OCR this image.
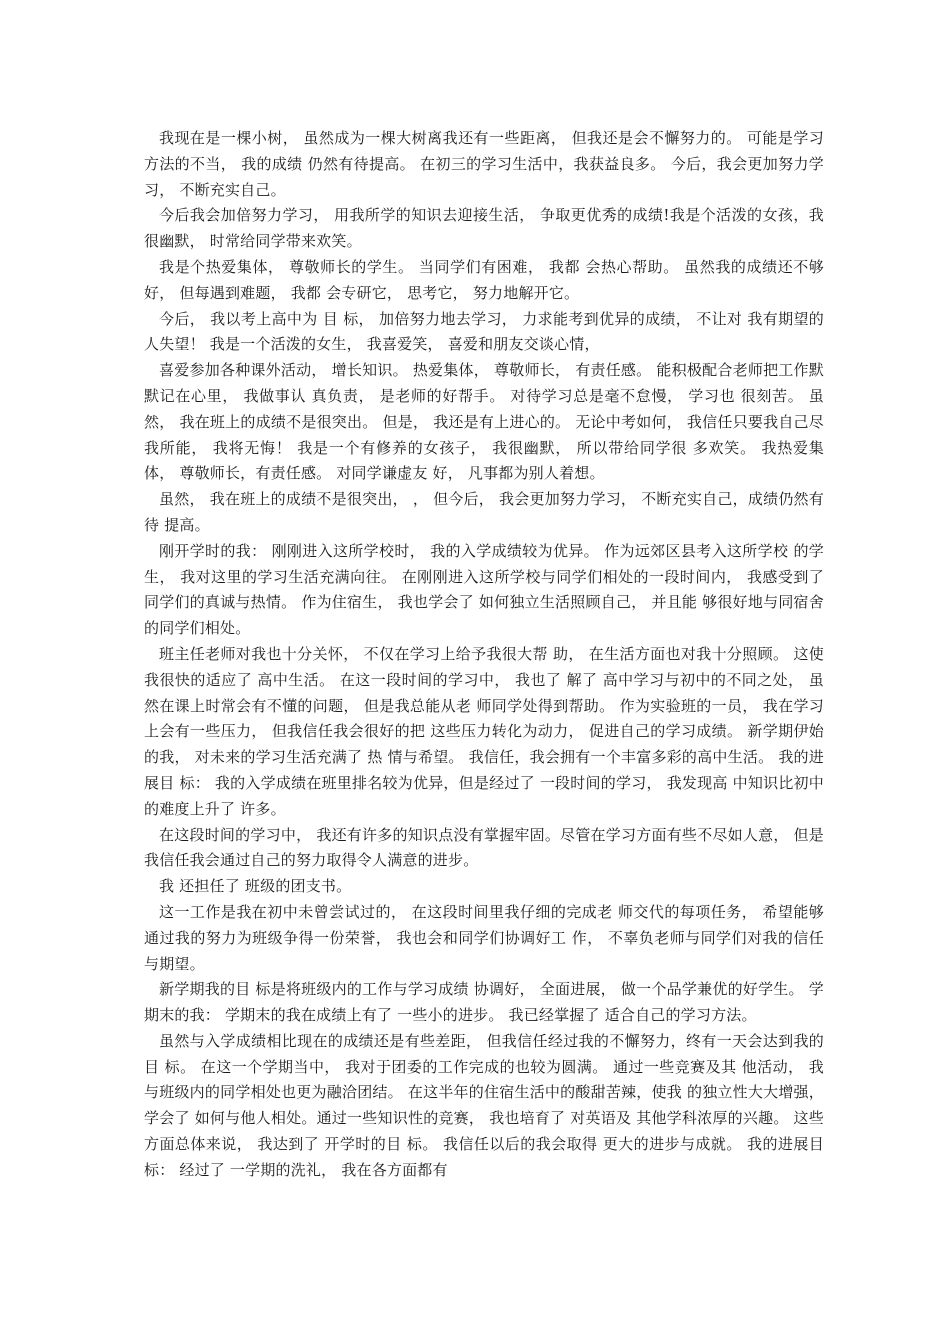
我现在是一棵小树， 虽然成为一棵大树离我还有一些距离， 但我还是会不懈努力的。 可能是学习方法的不当， 我的成绩 仍然有待提高。 在初三的学习生活中，我获益良多。 今后，我会更加努力学习， 不断充实自己。

今后我会加倍努力学习， 用我所学的知识去迎接生活， 争取更优秀的成绩!我是个活泼的女孩，我很幽默， 时常给同学带来欢笑。

我是个热爱集体， 尊敬师长的学生。 当同学们有困难， 我都 会热心帮助。 虽然我的成绩还不够好， 但每遇到难题， 我都 会专研它， 思考它， 努力地解开它。

今后， 我以考上高中为 目 标， 加倍努力地去学习， 力求能考到优异的成绩， 不让对 我有期望的人失望！ 我是一个活泼的女生， 我喜爱笑， 喜爱和朋友交谈心情，

喜爱参加各种课外活动， 增长知识。 热爱集体， 尊敬师长， 有责任感。 能积极配合老师把工作默默记在心里， 我做事认 真负责， 是老师的好帮手。 对待学习总是毫不怠慢， 学习也 很刻苦。 虽然， 我在班上的成绩不是很突出。 但是， 我还是有上进心的。 无论中考如何， 我信任只要我自己尽我所能， 我将无悔！ 我是一个有修养的女孩子， 我很幽默， 所以带给同学很 多欢笑。 我热爱集体， 尊敬师长，有责任感。 对同学谦虚友 好， 凡事都为别人着想。

虽然， 我在班上的成绩不是很突出， ， 但今后， 我会更加努力学习， 不断充实自己，成绩仍然有待 提高。

刚开学时的我： 刚刚进入这所学校时， 我的入学成绩较为优异。 作为远郊区县考入这所学校 的学生， 我对这里的学习生活充满向往。 在刚刚进入这所学校与同学们相处的一段时间内， 我感受到了 同学们的真诚与热情。 作为住宿生， 我也学会了 如何独立生活照顾自己， 并且能 够很好地与同宿舍的同学们相处。

班主任老师对我也十分关怀， 不仅在学习上给予我很大帮 助， 在生活方面也对我十分照顾。 这使我很快的适应了 高中生活。 在这一段时间的学习中， 我也了 解了 高中学习与初中的不同之处， 虽然在课上时常会有不懂的问题， 但是我总能从老 师同学处得到帮助。 作为实验班的一员， 我在学习上会有一些压力， 但我信任我会很好的把 这些压力转化为动力， 促进自己的学习成绩。 新学期伊始的我， 对未来的学习生活充满了 热 情与希望。 我信任，我会拥有一个丰富多彩的高中生活。 我的进展目 标： 我的入学成绩在班里排名较为优异，但是经过了 一段时间的学习， 我发现高 中知识比初中的难度上升了 许多。

在这段时间的学习中， 我还有许多的知识点没有掌握牢固。尽管在学习方面有些不尽如人意， 但是我信任我会通过自己的努力取得令人满意的进步。

我 还担任了 班级的团支书。

这一工作是我在初中未曾尝试过的， 在这段时间里我仔细的完成老 师交代的每项任务， 希望能够通过我的努力为班级争得一份荣誉， 我也会和同学们协调好工 作， 不辜负老师与同学们对我的信任与期望。

新学期我的目 标是将班级内的工作与学习成绩 协调好， 全面进展， 做一个品学兼优的好学生。 学期末的我： 学期末的我在成绩上有了 一些小的进步。 我已经掌握了 适合自己的学习方法。

虽然与入学成绩相比现在的成绩还是有些差距， 但我信任经过我的不懈努力，终有一天会达到我的目 标。 在这一个学期当中， 我对于团委的工作完成的也较为圆满。 通过一些竞赛及其 他活动， 我与班级内的同学相处也更为融洽团结。 在这半年的住宿生活中的酸甜苦辣，使我 的独立性大大增强， 学会了 如何与他人相处。通过一些知识性的竞赛， 我也培育了 对英语及 其他学科浓厚的兴趣。 这些方面总体来说， 我达到了 开学时的目 标。 我信任以后的我会取得 更大的进步与成就。 我的进展目 标： 经过了 一学期的洗礼， 我在各方面都有
